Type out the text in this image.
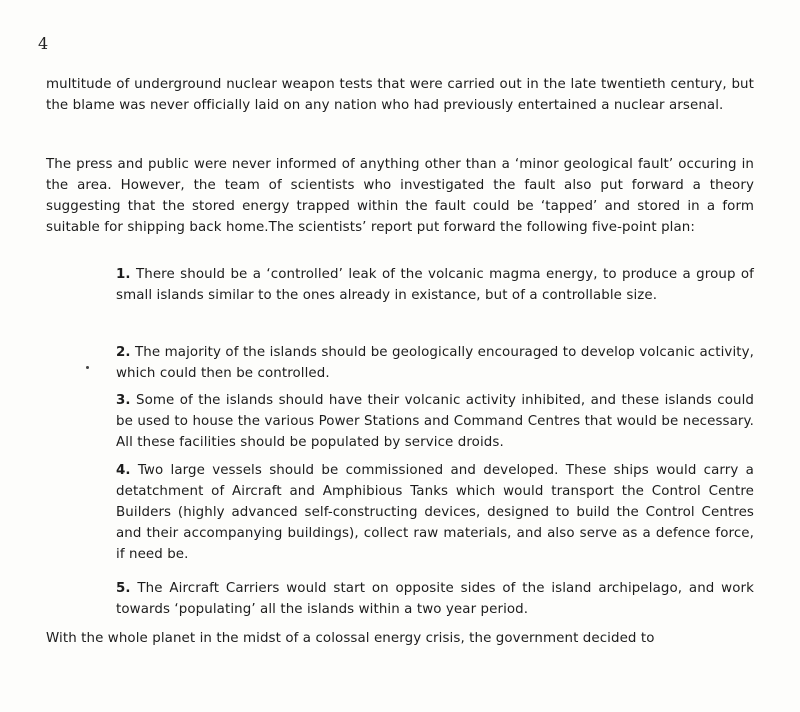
4
multitude of underground nuclear weapon tests that were carried out in the late twentieth century, but the blame was never officially laid on any nation who had previously entertained a nuclear arsenal.
The press and public were never informed of anything other than a ‘minor geological fault’ occuring in the area. However, the team of scientists who investigated the fault also put forward a theory suggesting that the stored energy trapped within the fault could be ‘tapped’ and stored in a form suitable for shipping back home.The scientists’ report put forward the following five-point plan:
1. There should be a ‘controlled’ leak of the volcanic magma energy, to produce a group of small islands similar to the ones already in existance, but of a controllable size.
2. The majority of the islands should be geologically encouraged to develop volcanic activity, which could then be controlled.
3. Some of the islands should have their volcanic activity inhibited, and these islands could be used to house the various Power Stations and Command Centres that would be necessary. All these facilities should be populated by service droids.
4. Two large vessels should be commissioned and developed. These ships would carry a detatchment of Aircraft and Amphibious Tanks which would transport the Control Centre Builders (highly advanced self-constructing devices, designed to build the Control Centres and their accompanying buildings), collect raw materials, and also serve as a defence force, if need be.
5. The Aircraft Carriers would start on opposite sides of the island archipelago, and work towards ‘populating’ all the islands within a two year period.
With the whole planet in the midst of a colossal energy crisis, the government decided to
